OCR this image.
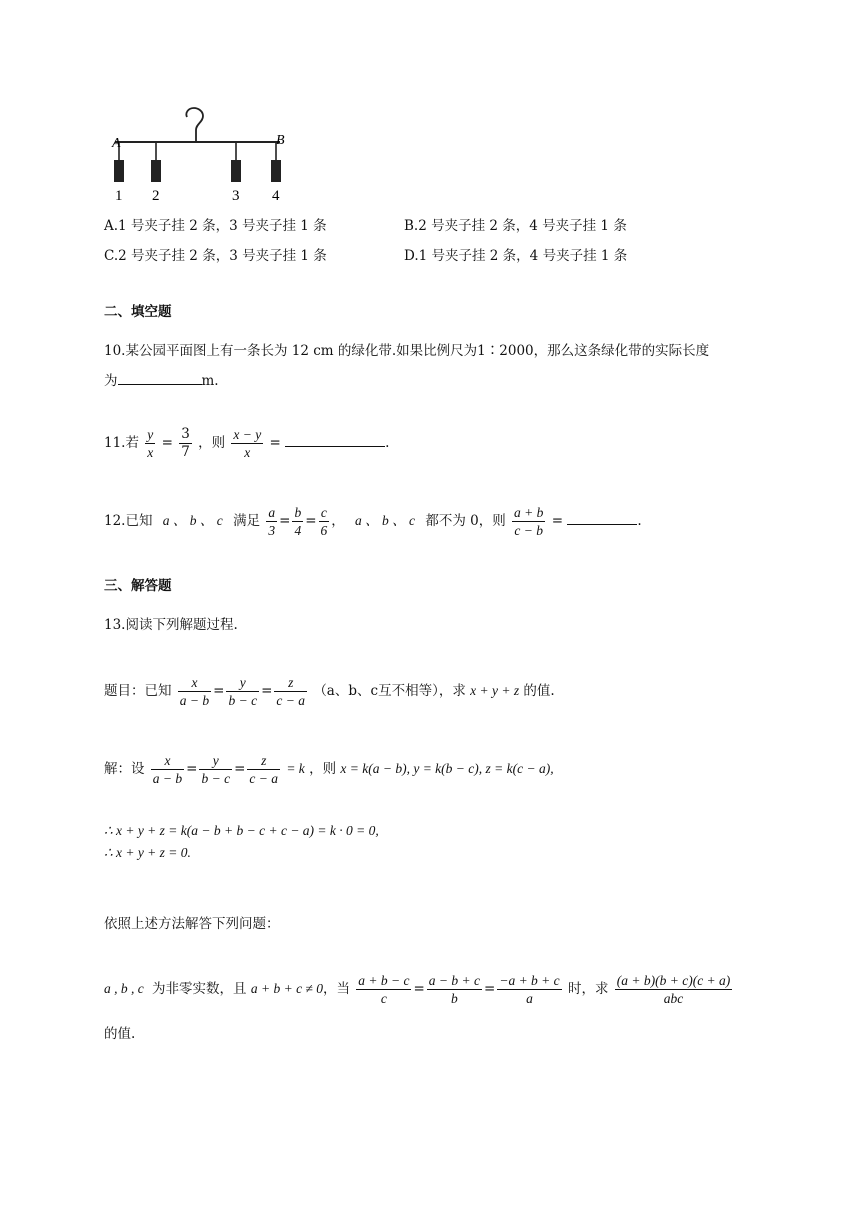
A	B
1 2	3 4
A.1 号夹子挂 2 条，3 号夹子挂 1 条	B.2 号夹子挂 2 条，4 号夹子挂 1 条
C.2 号夹子挂 2 条，3 号夹子挂 1 条	D.1 号夹子挂 2 条，4 号夹子挂 1 条
二、填空题
10.某公园平面图上有一条长为 12 cm 的绿化带.如果比例尺为1∶2000，那么这条绿化带的实际长度
为	m.
11.若 $\frac{y}{x} = \frac{3}{7}$ ，则 $\frac{x - y}{x}$ =	.
12.已知 a 、 b 、 c 满足 $\frac{a}{3} = \frac{b}{4} = \frac{c}{6}$ ， a 、 b 、 c 都不为 0，则 $\frac{a + b}{c - b}$ =	.
三、解答题
13.阅读下列解题过程.
题目：已知 $\frac{x}{a - b} = \frac{y}{b - c} = \frac{z}{c - a} (a$、b、c互不相等），求 x + y + z 的值.
解：设 $\frac{x}{a - b} = \frac{y}{b - c} = \frac{z}{c - a} = k$ ，则 x = k(a − b), y = k(b − c), z = k(c − a),
∴ x + y + z = k(a − b + b − c + c − a) = k · 0 = 0,
∴ x + y + z = 0.
依照上述方法解答下列问题：
a , b , c 为非零实数，且 a + b + c ≠ 0，当 $\frac{a + b - c}{c} = \frac{a - b + c}{b} = \frac{-a + b + c}{a}$ 时，求 $\frac{(a + b)(b + c)(c + a)}{\text{abc}}$
的值.
